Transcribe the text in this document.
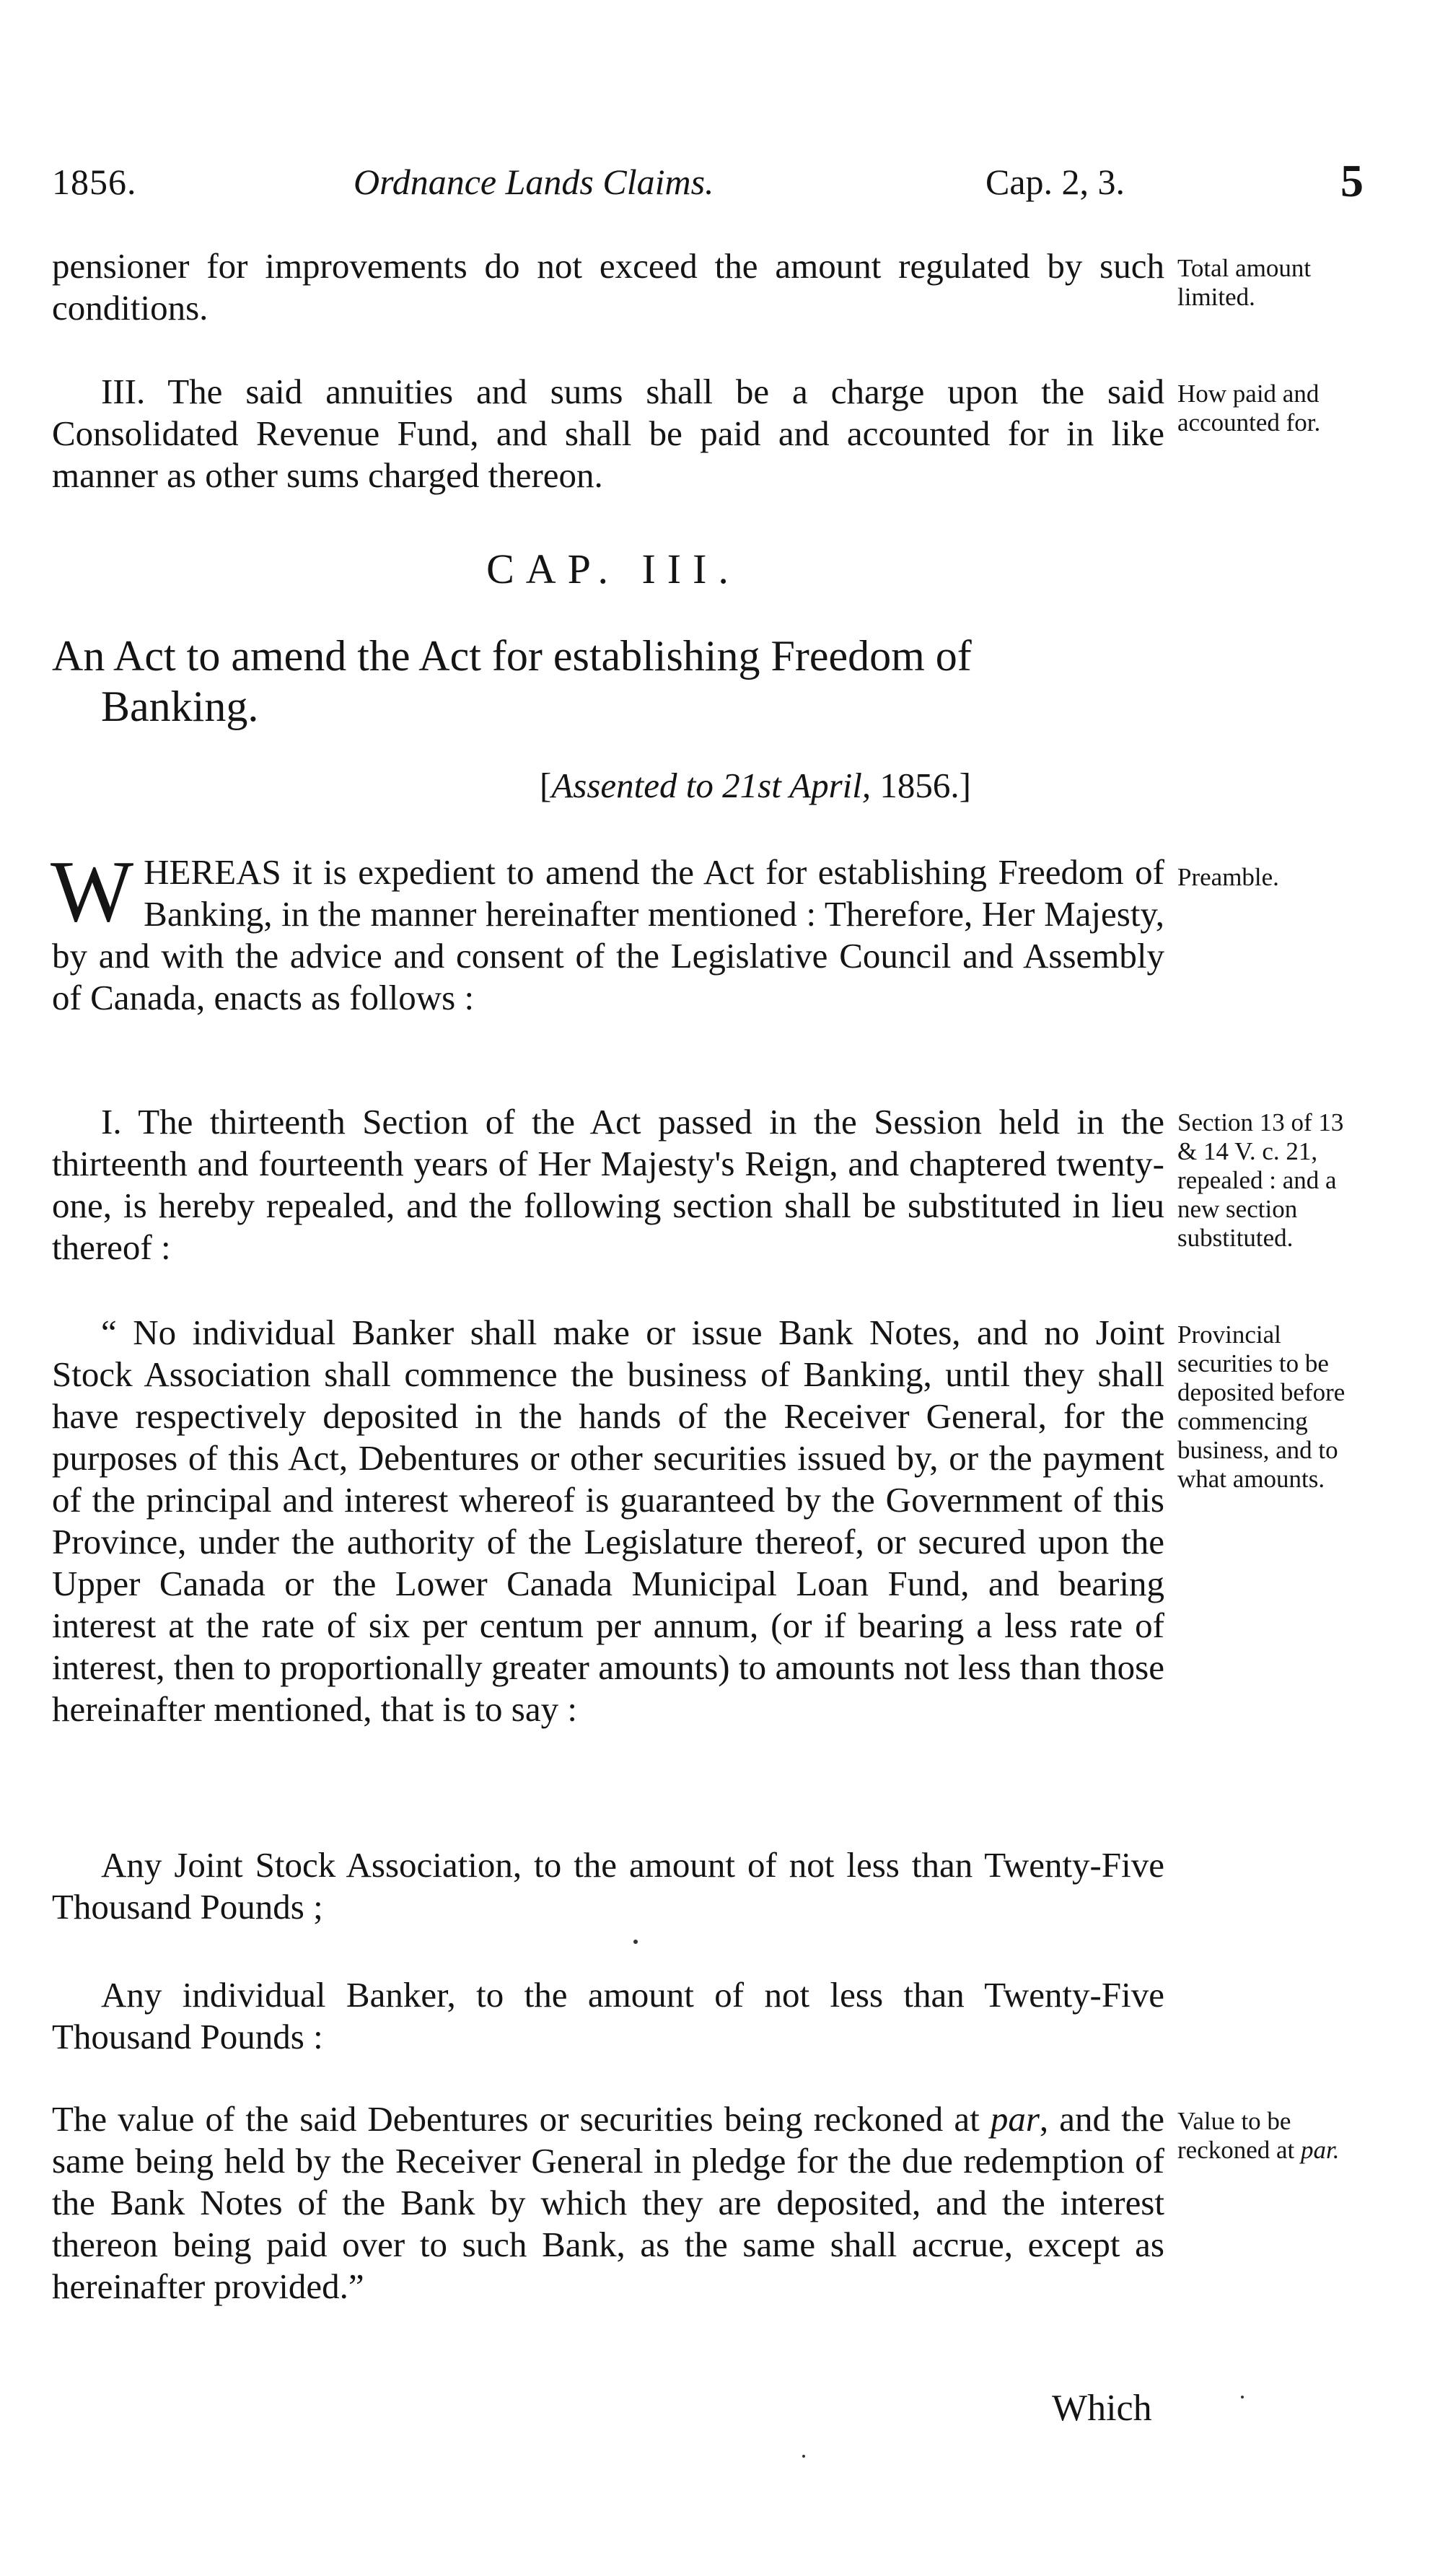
1856.	Ordnance Lands Claims.	Cap. 2, 3.	5
pensioner for improvements do not exceed the amount regulated by such conditions.
Total amount limited.
III. The said annuities and sums shall be a charge upon the said Consolidated Revenue Fund, and shall be paid and accounted for in like manner as other sums charged thereon.
How paid and accounted for.
CAP. III.
An Act to amend the Act for establishing Freedom of
Banking.
[Assented to 21st April, 1856.]
WHEREAS it is expedient to amend the Act for establishing Freedom of Banking, in the manner hereinafter mentioned : Therefore, Her Majesty, by and with the advice and consent of the Legislative Council and Assembly of Canada, enacts as follows :
Preamble.
I. The thirteenth Section of the Act passed in the Session held in the thirteenth and fourteenth years of Her Majesty's Reign, and chaptered twenty-one, is hereby repealed, and the following section shall be substituted in lieu thereof :
Section 13 of 13 & 14 V. c. 21, repealed : and a new section substituted.
“ No individual Banker shall make or issue Bank Notes, and no Joint Stock Association shall commence the business of Banking, until they shall have respectively deposited in the hands of the Receiver General, for the purposes of this Act, Debentures or other securities issued by, or the payment of the principal and interest whereof is guaranteed by the Government of this Province, under the authority of the Legislature thereof, or secured upon the Upper Canada or the Lower Canada Municipal Loan Fund, and bearing interest at the rate of six per centum per annum, (or if bearing a less rate of interest, then to proportionally greater amounts) to amounts not less than those hereinafter mentioned, that is to say :
Provincial securities to be deposited before commencing business, and to what amounts.
Any Joint Stock Association, to the amount of not less than Twenty-Five Thousand Pounds ;
Any individual Banker, to the amount of not less than Twenty-Five Thousand Pounds :
The value of the said Debentures or securities being reckoned at par, and the same being held by the Receiver General in pledge for the due redemption of the Bank Notes of the Bank by which they are deposited, and the interest thereon being paid over to such Bank, as the same shall accrue, except as hereinafter provided.”
Value to be reckoned at par.
Which
